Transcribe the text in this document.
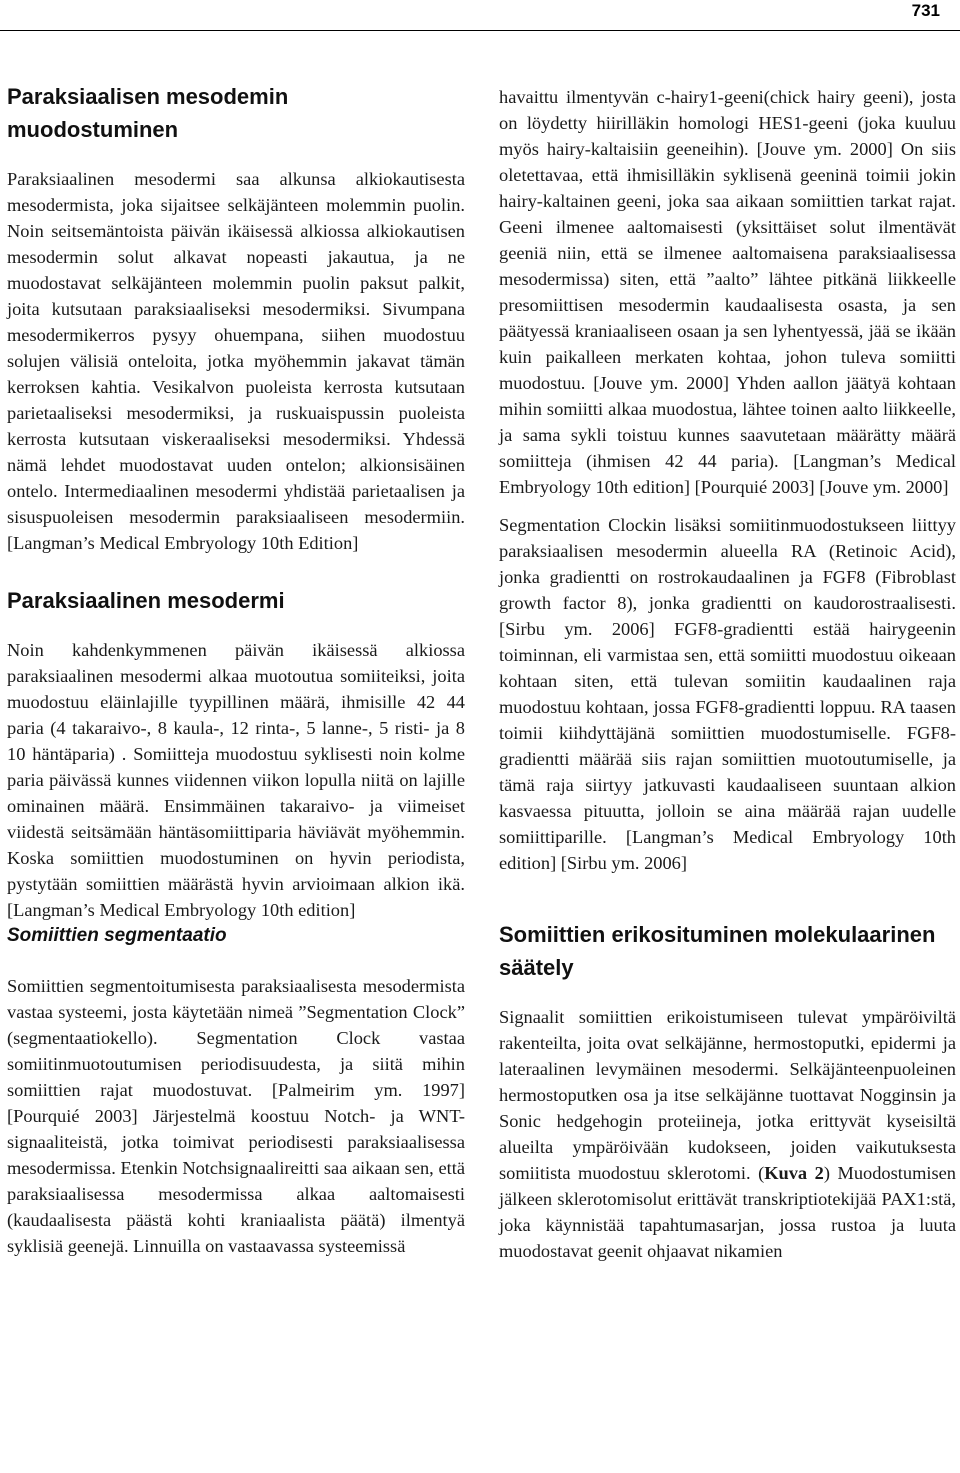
731
Paraksiaalisen mesodemin muodostuminen

Paraksiaalinen mesodermi saa alkunsa alkiokautisesta mesodermista, joka sijaitsee selkäjänteen molemmin puolin. Noin seitsemäntoista päivän ikäisessä alkiossa alkiokautisen mesodermin solut alkavat nopeasti jakautua, ja ne muodostavat selkäjänteen molemmin puolin paksut palkit, joita kutsutaan paraksiaaliseksi mesodermiksi. Sivumpana mesodermikerros pysyy ohuempana, siihen muodostuu solujen välisiä onteloita, jotka myöhemmin jakavat tämän kerroksen kahtia. Vesikalvon puoleista kerrosta kutsutaan parietaaliseksi mesodermiksi, ja ruskuaispussin puoleista kerrosta kutsutaan viskeraaliseksi mesodermiksi. Yhdessä nämä lehdet muodostavat uuden ontelon; alkionsisäinen ontelo. Intermediaalinen mesodermi yhdistää parietaalisen ja sisuspuoleisen mesodermin paraksiaaliseen mesodermiin. [Langman’s Medical Embryology 10th Edition]

Paraksiaalinen mesodermi

Noin kahdenkymmenen päivän ikäisessä alkiossa paraksiaalinen mesodermi alkaa muotoutua somiiteiksi, joita muodostuu eläinlajille tyypillinen määrä, ihmisille 42 44 paria (4 takaraivo-, 8 kaula-, 12 rinta-, 5 lanne-, 5 risti- ja 8 10 häntäparia) . Somiitteja muodostuu syklisesti noin kolme paria päivässä kunnes viidennen viikon lopulla niitä on lajille ominainen määrä. Ensimmäinen takaraivo- ja viimeiset viidestä seitsämään häntäsomiittiparia häviävät myöhemmin. Koska somiittien muodostuminen on hyvin periodista, pystytään somiittien määrästä hyvin arvioimaan alkion ikä. [Langman’s Medical Embryology 10th edition]

Somiittien segmentaatio

Somiittien segmentoitumisesta paraksiaalisesta mesodermista vastaa systeemi, josta käytetään nimeä ”Segmentation Clock” (segmentaatiokello). Segmentation Clock vastaa somiitinmuotoutumisen periodisuudesta, ja siitä mihin somiittien rajat muodostuvat. [Palmeirim ym. 1997] [Pourquié 2003] Järjestelmä koostuu Notch- ja WNT- signaaliteistä, jotka toimivat periodisesti paraksiaalisessa mesodermissa. Etenkin Notchsignaalireitti saa aikaan sen, että paraksiaalisessa mesodermissa alkaa aaltomaisesti (kaudaalisesta päästä kohti kraniaalista päätä) ilmentyä syklisiä geenejä. Linnuilla on vastaavassa systeemissä

havaittu ilmentyvän c-hairy1-geeni(chick hairy geeni), josta on löydetty hiirilläkin homologi HES1-geeni (joka kuuluu myös hairy-kaltaisiin geeneihin). [Jouve ym. 2000] On siis oletettavaa, että ihmisilläkin syklisenä geeninä toimii jokin hairy-kaltainen geeni, joka saa aikaan somiittien tarkat rajat. Geeni ilmenee aaltomaisesti (yksittäiset solut ilmentävät geeniä niin, että se ilmenee aaltomaisena paraksiaalisessa mesodermissa) siten, että ”aalto” lähtee pitkänä liikkeelle presomiittisen mesodermin kaudaalisesta osasta, ja sen päätyessä kraniaaliseen osaan ja sen lyhentyessä, jää se ikään kuin paikalleen merkaten kohtaa, johon tuleva somiitti muodostuu. [Jouve ym. 2000] Yhden aallon jäätyä kohtaan mihin somiitti alkaa muodostua, lähtee toinen aalto liikkeelle, ja sama sykli toistuu kunnes saavutetaan määrätty määrä somiitteja (ihmisen 42 44 paria). [Langman’s Medical Embryology 10th edition] [Pourquié 2003] [Jouve ym. 2000]

Segmentation Clockin lisäksi somiitinmuodostukseen liittyy paraksiaalisen mesodermin alueella RA (Retinoic Acid), jonka gradientti on rostrokaudaalinen ja FGF8 (Fibroblast growth factor 8), jonka gradientti on kaudorostraalisesti. [Sirbu ym. 2006] FGF8-gradientti estää hairygeenin toiminnan, eli varmistaa sen, että somiitti muodostuu oikeaan kohtaan siten, että tulevan somiitin kaudaalinen raja muodostuu kohtaan, jossa FGF8-gradientti loppuu. RA taasen toimii kiihdyttäjänä somiittien muodostumiselle. FGF8-gradientti määrää siis rajan somiittien muotoutumiselle, ja tämä raja siirtyy jatkuvasti kaudaaliseen suuntaan alkion kasvaessa pituutta, jolloin se aina määrää rajan uudelle somiittiparille. [Langman’s Medical Embryology 10th edition] [Sirbu ym. 2006]

Somiittien erikosituminen molekulaarinen säätely

Signaalit somiittien erikoistumiseen tulevat ympäröiviltä rakenteilta, joita ovat selkäjänne, hermostoputki, epidermi ja lateraalinen levymäinen mesodermi. Selkäjänteenpuoleinen hermostoputken osa ja itse selkäjänne tuottavat Nogginsin ja Sonic hedgehogin proteiineja, jotka erittyvät kyseisiltä alueilta ympäröivään kudokseen, joiden vaikutuksesta somiitista muodostuu sklerotomi. (Kuva 2) Muodostumisen jälkeen sklerotomisolut erittävät transkriptiotekijää PAX1:stä, joka käynnistää tapahtumasarjan, jossa rustoa ja luuta muodostavat geenit ohjaavat nikamien
